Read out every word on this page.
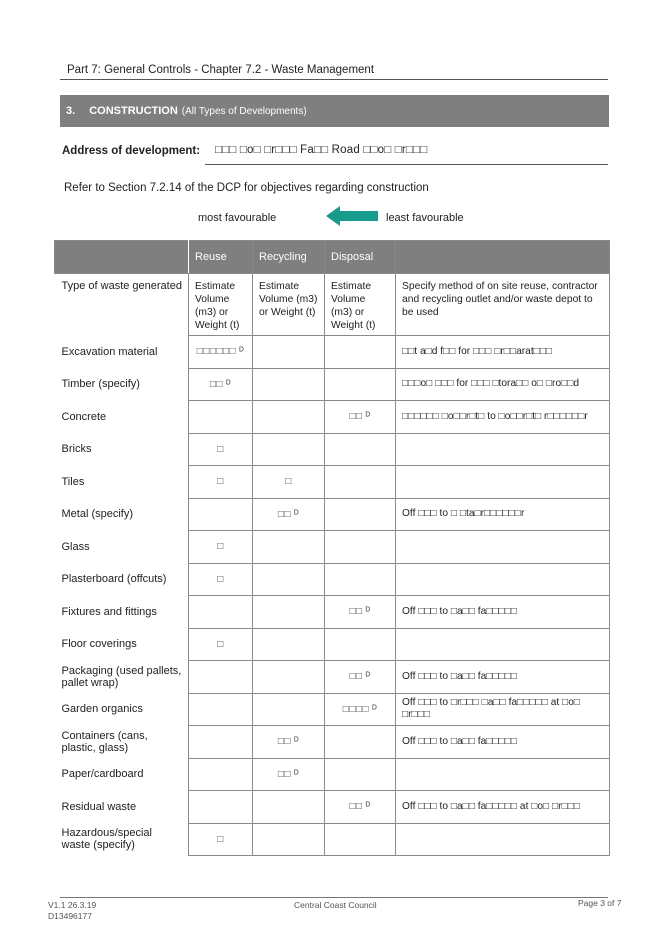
Part 7: General Controls - Chapter 7.2 - Waste Management
3. CONSTRUCTION (All Types of Developments)
Address of development: □□□ □o□ □r□□□ Fa□□ Road □□o□ □r□□□
Refer to Section 7.2.14 of the DCP for objectives regarding construction
most favourable	least favourable
	Reuse	Recycling	Disposal	
Type of waste generated	Estimate Volume (m3) or Weight (t)	Estimate Volume (m3) or Weight (t)	Estimate Volume (m3) or Weight (t)	Specify method of on site reuse, contractor and recycling outlet and/or waste depot to be used
Excavation material	□□□□□□ ᴰ			□□t a□d f□□ for □□□ □r□□arat□□□
Timber (specify)	□□ ᴰ			□□□o□ □□□ for □□□ □tora□□ o□ □ro□□d
Concrete			□□ ᴰ	□□□□□□ □o□□r□t□ to □o□□r□t□ r□□□□□□r
Bricks	□			
Tiles	□	□		
Metal (specify)		□□ ᴰ		Off □□□ to □ □ta□r□□□□□□r
Glass	□			
Plasterboard (offcuts)	□			
Fixtures and fittings			□□ ᴰ	Off □□□ to □a□□ fa□□□□□
Floor coverings	□			
Packaging (used pallets, pallet wrap)			□□ ᴰ	Off □□□ to □a□□ fa□□□□□
Garden organics			□□□□ ᴰ	Off □□□ to □r□□□ □a□□ fa□□□□□ at □o□ □r□□□
Containers (cans, plastic, glass)		□□ ᴰ		Off □□□ to □a□□ fa□□□□□
Paper/cardboard		□□ ᴰ		
Residual waste			□□ ᴰ	Off □□□ to □a□□ fa□□□□□ at □o□ □r□□□
Hazardous/special waste (specify)	□			
V1.1 26.3.19
D13496177
Central Coast Council	Page 3 of 7
